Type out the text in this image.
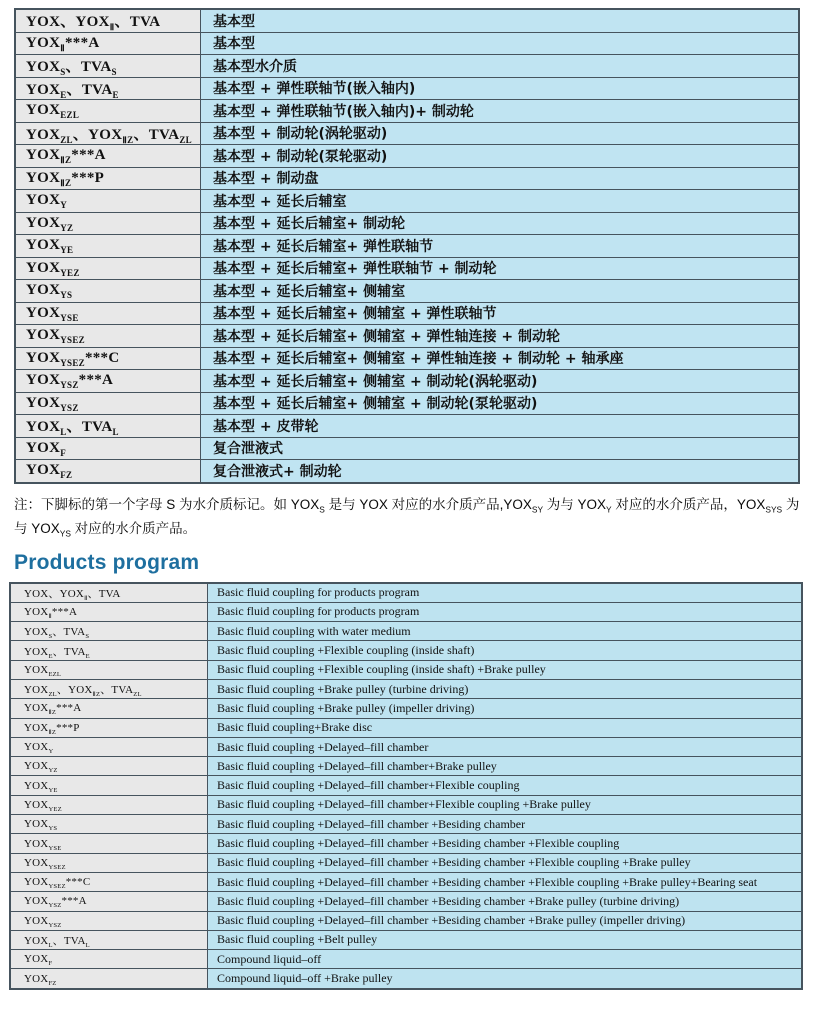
YOX、$YOX_Ⅱ$、TVA	基本型
$YOX_Ⅱ***A$	基本型
$YOX_S$、$TVA_S$	基本型水介质
$YOX_E$、$TVA_E$	基本型 + 弹性联轴节(嵌入轴内)
$YOX_{EZL}$	基本型 + 弹性联轴节(嵌入轴内)+ 制动轮
$YOX_{ZL}$、$YOX_{ⅡZ}$、$TVA_{ZL}$	基本型 + 制动轮(涡轮驱动)
$YOX_{ⅡZ}***A$	基本型 + 制动轮(泵轮驱动)
$YOX_{ⅡZ}***P$	基本型 + 制动盘
$YOX_Y$	基本型 + 延长后辅室
$YOX_{YZ}$	基本型 + 延长后辅室+ 制动轮
$YOX_{YE}$	基本型 + 延长后辅室+ 弹性联轴节
$YOX_{YEZ}$	基本型 + 延长后辅室+ 弹性联轴节 + 制动轮
$YOX_{YS}$	基本型 + 延长后辅室+ 侧辅室
$YOX_{YSE}$	基本型 + 延长后辅室+ 侧辅室 + 弹性联轴节
$YOX_{YSEZ}$	基本型 + 延长后辅室+ 侧辅室 + 弹性轴连接 + 制动轮
$YOX_{YSEZ}***C$	基本型 + 延长后辅室+ 侧辅室 + 弹性轴连接 + 制动轮 + 轴承座
$YOX_{YSZ}***A$	基本型 + 延长后辅室+ 侧辅室 + 制动轮(涡轮驱动)
$YOX_{YSZ}$	基本型 + 延长后辅室+ 侧辅室 + 制动轮(泵轮驱动)
$YOX_L$、$TVA_L$	基本型 + 皮带轮
$YOX_F$	复合泄液式
$YOX_{FZ}$	复合泄液式+ 制动轮

注：下脚标的第一个字母 S 为水介质标记。如 $YOX_S$ 是与 YOX 对应的水介质产品$,YOX_{SY}$ 为与 $YOX_Y$ 对应的水介质产品，$YOX_{SYS}$ 为与 $YOX_{YS}$ 对应的水介质产品。

Products program
YOX、$YOX_Ⅱ$、TVA	Basic fluid coupling for products program
$YOX_Ⅱ***A$	Basic fluid coupling for products program
$YOX_S$、$TVA_S$	Basic fluid coupling with water medium
$YOX_E$、$TVA_E$	Basic fluid coupling +Flexible coupling (inside shaft)
$YOX_{EZL}$	Basic fluid coupling +Flexible coupling (inside shaft) +Brake pulley
$YOX_{ZL}$、$YOX_{ⅡZ}$、$TVA_{ZL}$	Basic fluid coupling +Brake pulley (turbine driving)
$YOX_{ⅡZ}***A$	Basic fluid coupling +Brake pulley (impeller driving)
$YOX_{ⅡZ}***P$	Basic fluid coupling+Brake disc
$YOX_Y$	Basic fluid coupling +Delayed–fill chamber
$YOX_{YZ}$	Basic fluid coupling +Delayed–fill chamber+Brake pulley
$YOX_{YE}$	Basic fluid coupling +Delayed–fill chamber+Flexible coupling
$YOX_{YEZ}$	Basic fluid coupling +Delayed–fill chamber+Flexible coupling +Brake pulley
$YOX_{YS}$	Basic fluid coupling +Delayed–fill chamber +Besiding chamber
$YOX_{YSE}$	Basic fluid coupling +Delayed–fill chamber +Besiding chamber +Flexible coupling
$YOX_{YSEZ}$	Basic fluid coupling +Delayed–fill chamber +Besiding chamber +Flexible coupling +Brake pulley
$YOX_{YSEZ}***C$	Basic fluid coupling +Delayed–fill chamber +Besiding chamber +Flexible coupling +Brake pulley+Bearing seat
$YOX_{YSZ}***A$	Basic fluid coupling +Delayed–fill chamber +Besiding chamber +Brake pulley (turbine driving)
$YOX_{YSZ}$	Basic fluid coupling +Delayed–fill chamber +Besiding chamber +Brake pulley (impeller driving)
$YOX_L$、$TVA_L$	Basic fluid coupling +Belt pulley
$YOX_F$	Compound liquid–off
$YOX_{FZ}$	Compound liquid–off +Brake pulley
